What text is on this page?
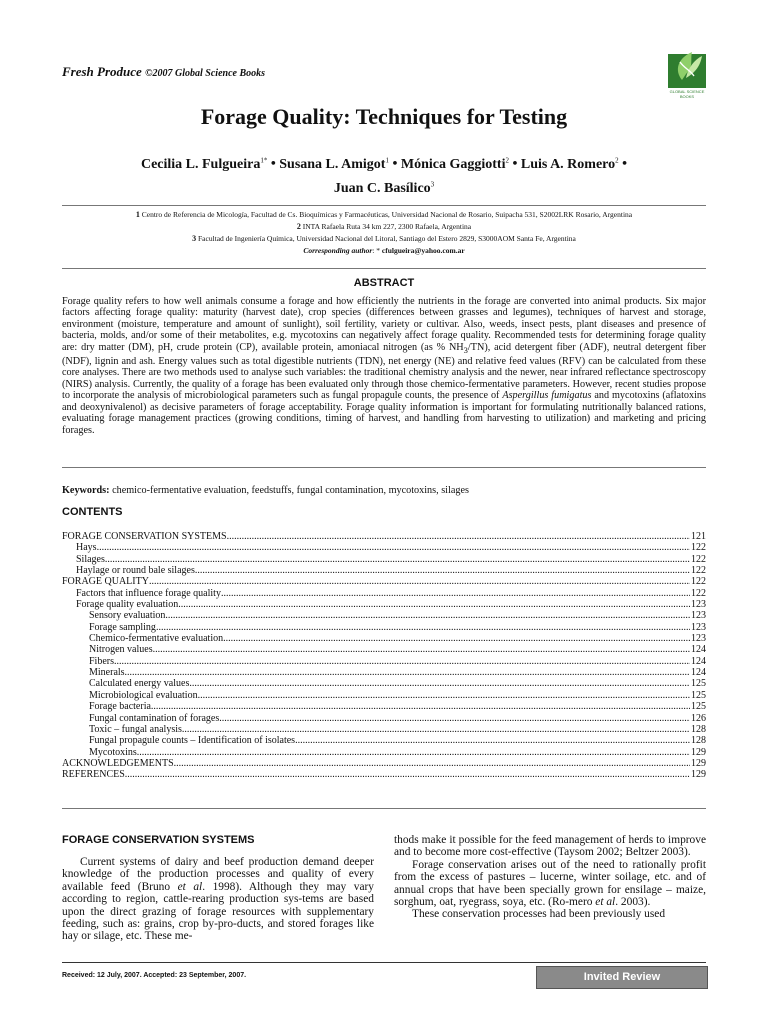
Fresh Produce ©2007 Global Science Books
GLOBAL SCIENCE
BOOKS
Forage Quality: Techniques for Testing
Cecilia L. Fulgueira$^{1*}$ • Susana L. Amigot$^1$ • Mónica Gaggiotti$^2$ • Luis A. Romero$^2$ •
Juan C. Basílico$^3$
1 Centro de Referencia de Micología, Facultad de Cs. Bioquímicas y Farmacéuticas, Universidad Nacional de Rosario, Suipacha 531, S2002LRK Rosario, Argentina
2 INTA Rafaela Ruta 34 km 227, 2300 Rafaela, Argentina
3 Facultad de Ingeniería Química, Universidad Nacional del Litoral, Santiago del Estero 2829, S3000AOM Santa Fe, Argentina
Corresponding author: * cfulgueira@yahoo.com.ar
ABSTRACT
Forage quality refers to how well animals consume a forage and how efficiently the nutrients in the forage are converted into animal products. Six major factors affecting forage quality: maturity (harvest date), crop species (differences between grasses and legumes), techniques of harvest and storage, environment (moisture, temperature and amount of sunlight), soil fertility, variety or cultivar. Also, weeds, insect pests, plant diseases and presence of bacteria, molds, and/or some of their metabolites, e.g. mycotoxins can negatively affect forage quality. Recommended tests for determining forage quality are: dry matter (DM), pH, crude protein (CP), available protein, amoniacal nitrogen (as % $NH_3/TN$), acid detergent fiber (ADF), neutral detergent fiber (NDF), lignin and ash. Energy values such as total digestible nutrients (TDN), net energy (NE) and relative feed values (RFV) can be calculated from these core analyses. There are two methods used to analyse such variables: the traditional chemistry analysis and the newer, near infrared reflectance spectroscopy (NIRS) analysis. Currently, the quality of a forage has been evaluated only through those chemico-fermentative parameters. However, recent studies propose to incorporate the analysis of microbiological parameters such as fungal propagule counts, the presence of Aspergillus fumigatus and mycotoxins (aflatoxins and deoxynivalenol) as decisive parameters of forage acceptability. Forage quality information is important for formulating nutritionally balanced rations, evaluating forage management practices (growing conditions, timing of harvest, and handling from harvesting to utilization) and marketing and pricing forages.
Keywords: chemico-fermentative evaluation, feedstuffs, fungal contamination, mycotoxins, silages
CONTENTS
FORAGE CONSERVATION SYSTEMS .....	121
Hays .....	122
Silages .....	122
Haylage or round bale silages .....	122
FORAGE QUALITY .....	122
Factors that influence forage quality .....	122
Forage quality evaluation .....	123
Sensory evaluation .....	123
Forage sampling .....	123
Chemico-fermentative evaluation .....	123
Nitrogen values .....	124
Fibers .....	124
Minerals .....	124
Calculated energy values .....	125
Microbiological evaluation .....	125
Forage bacteria .....	125
Fungal contamination of forages .....	126
Toxic – fungal analysis .....	128
Fungal propagule counts – Identification of isolates .....	128
Mycotoxins .....	129
ACKNOWLEDGEMENTS .....	129
REFERENCES .....	129
FORAGE CONSERVATION SYSTEMS

Current systems of dairy and beef production demand deeper knowledge of the production processes and quality of every available feed (Bruno et al. 1998). Although they may vary according to region, cattle-rearing production sys-tems are based upon the direct grazing of forage resources with supplementary feeding, such as: grains, crop by-pro-ducts, and stored forages like hay or silage, etc. These me-

thods make it possible for the feed management of herds to improve and to become more cost-effective (Taysom 2002; Beltzer 2003).

Forage conservation arises out of the need to rationally profit from the excess of pastures – lucerne, winter soilage, etc. and of annual crops that have been specially grown for ensilage – maize, sorghum, oat, ryegrass, soya, etc. (Ro-mero et al. 2003).

These conservation processes had been previously used

Received: 12 July, 2007. Accepted: 23 September, 2007.	Invited Review
